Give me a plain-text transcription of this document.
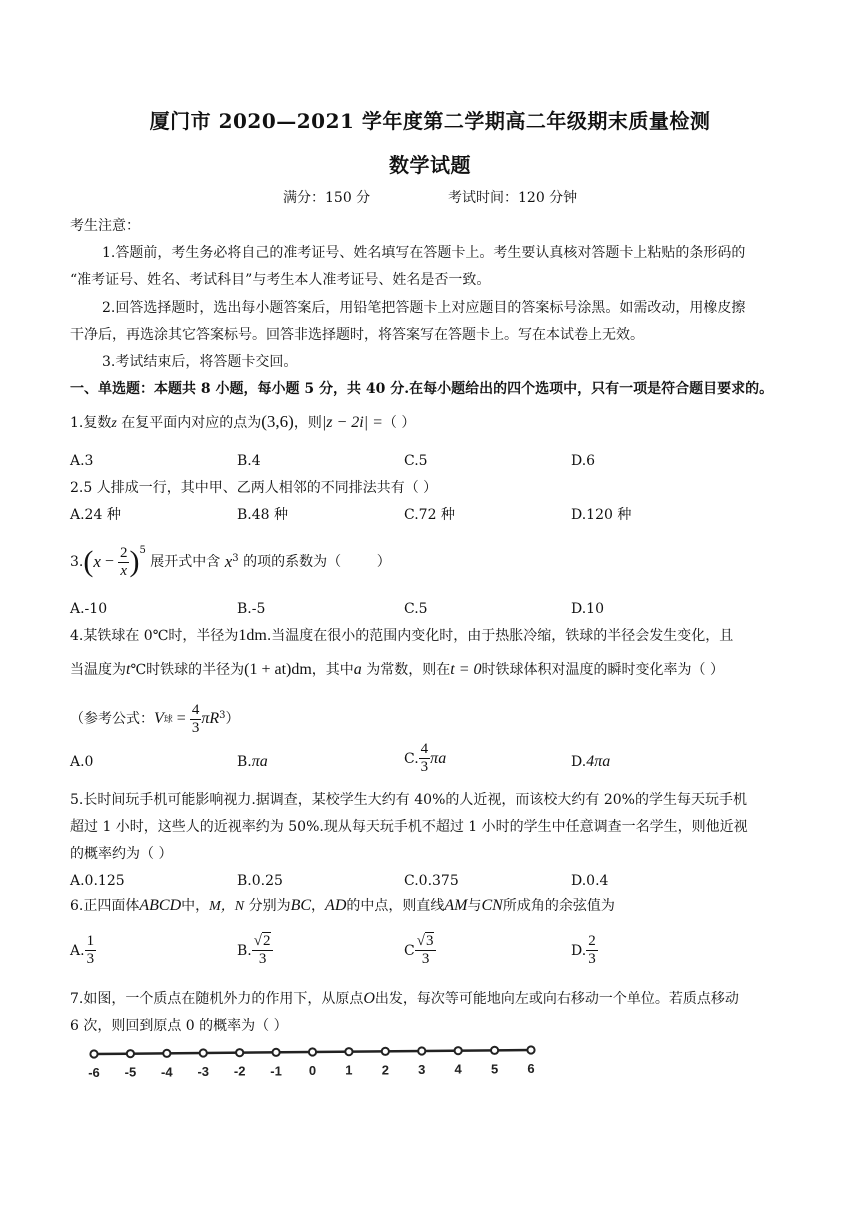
厦门市 2020—2021 学年度第二学期高二年级期末质量检测
数学试题
满分：150 分	考试时间：120 分钟
考生注意：
1.答题前，考生务必将自己的准考证号、姓名填写在答题卡上。考生要认真核对答题卡上粘贴的条形码的
“准考证号、姓名、考试科目”与考生本人准考证号、姓名是否一致。
2.回答选择题时，选出每小题答案后，用铅笔把答题卡上对应题目的答案标号涂黑。如需改动，用橡皮擦
干净后，再选涂其它答案标号。回答非选择题时，将答案写在答题卡上。写在本试卷上无效。
3.考试结束后，将答题卡交回。
一、单选题：本题共 8 小题，每小题 5 分，共 40 分.在每小题给出的四个选项中，只有一项是符合题目要求的。
1.复数z 在复平面内对应的点为(3,6)，则|z − 2i| =（ ）
A.3	B.4	C.5	D.6
2.5 人排成一行，其中甲、乙两人相邻的不同排法共有（ ）
A.24 种	B.48 种	C.72 种	D.120 种
3. ( $x - \frac{2}{x} )^5$
展开式中含 $x^3$ 的项的系数为（        ）
A.-10	B.-5	C.5	D.10
4.某铁球在 0℃时，半径为1dm.当温度在很小的范围内变化时，由于热胀冷缩，铁球的半径会发生变化，且
当温度为t℃时铁球的半径为(1 + at)dm，其中a 为常数，则在t = 0时铁球体积对温度的瞬时变化率为（ ）
（参考公式： V 球 = $\frac{4}{3} \pi R^3$ ）
A.0	B.πa	C. $\frac{4}{3}$ πa	D.4πa
5.长时间玩手机可能影响视力.据调查，某校学生大约有 40%的人近视，而该校大约有 20%的学生每天玩手机
超过 1 小时，这些人的近视率约为 50%.现从每天玩手机不超过 1 小时的学生中任意调查一名学生，则他近视
的概率约为（ ）
A.0.125	B.0.25	C.0.375	D.0.4
6.正四面体ABCD中，M，N 分别为BC，AD的中点，则直线AM与CN所成角的余弦值为
A. $\frac{1}{3}$	B. $\frac{√2}{3}$	C $\frac{√3}{3}$	D. $\frac{2}{3}$
7.如图，一个质点在随机外力的作用下，从原点O出发，每次等可能地向左或向右移动一个单位。若质点移动
6 次，则回到原点 0 的概率为（ ）
-6 -5 -4 -3 -2 -1 0 1 2 3 4 5 6
